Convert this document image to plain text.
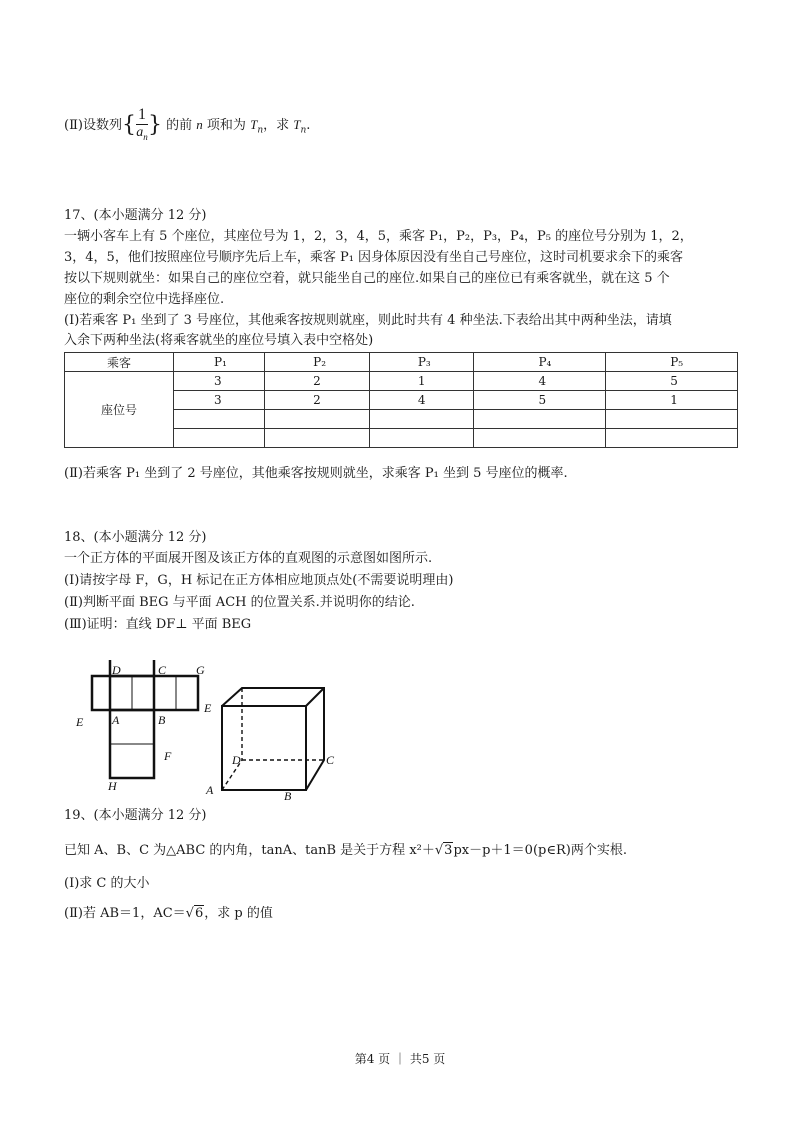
(Ⅱ)设数列{ $\frac{1}{a_n}$ } 的前 n 项和为 $T_n$，求 $T_n$.
17、(本小题满分 12 分)
一辆小客车上有 5 个座位，其座位号为 1，2，3，4，5，乘客 P₁，P₂，P₃，P₄，P₅ 的座位号分别为 1，2，
3，4，5，他们按照座位号顺序先后上车，乘客 P₁ 因身体原因没有坐自己号座位，这时司机要求余下的乘客
按以下规则就坐：如果自己的座位空着，就只能坐自己的座位.如果自己的座位已有乘客就坐，就在这 5 个
座位的剩余空位中选择座位.
(Ⅰ)若乘客 P₁ 坐到了 3 号座位，其他乘客按规则就座，则此时共有 4 种坐法.下表给出其中两种坐法，请填
入余下两种坐法(将乘客就坐的座位号填入表中空格处)
乘客	P₁	P₂	P₃	P₄	P₅
座位号	3	2	1	4	5
	3	2	4	5	1

(Ⅱ)若乘客 P₁ 坐到了 2 号座位，其他乘客按规则就坐，求乘客 P₁ 坐到 5 号座位的概率.
18、(本小题满分 12 分)
一个正方体的平面展开图及该正方体的直观图的示意图如图所示.
(Ⅰ)请按字母 F，G，H 标记在正方体相应地顶点处(不需要说明理由)
(Ⅱ)判断平面 BEG 与平面 ACH 的位置关系.并说明你的结论.
(Ⅲ)证明：直线 DF⊥ 平面 BEG
D	C G
E A	B
F
H
E
D	C
A	B
19、(本小题满分 12 分)
已知 A、B、C 为△ABC 的内角，tanA、tanB 是关于方程 x²＋√3px－p＋1＝0(p∈R)两个实根.
(Ⅰ)求 C 的大小
(Ⅱ)若 AB＝1，AC＝√6，求 p 的值
第4 页 ｜ 共5 页
